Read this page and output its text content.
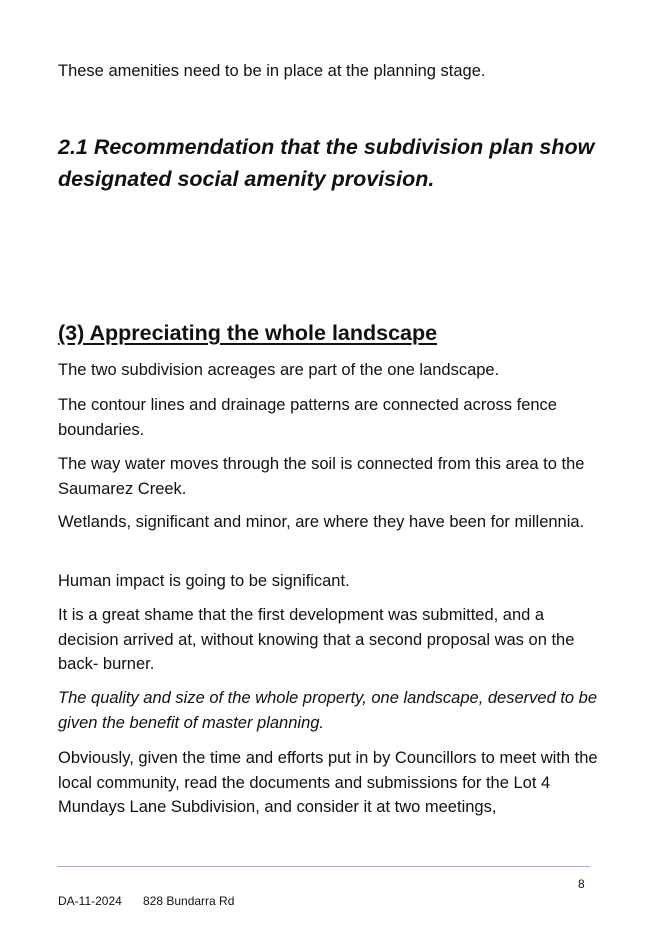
These amenities need to be in place at the planning stage.

2.1 Recommendation that the subdivision plan show designated social amenity provision.
(3) Appreciating the whole landscape

The two subdivision acreages are part of the one landscape.

The contour lines and drainage patterns are connected across fence boundaries.

The way water moves through the soil is connected from this area to the Saumarez Creek.

Wetlands, significant and minor, are where they have been for millennia.

Human impact is going to be significant.

It is a great shame that the first development was submitted, and a decision arrived at, without knowing that a second proposal was on the back- burner.

The quality and size of the whole property, one landscape, deserved to be given the benefit of master planning.

Obviously, given the time and efforts put in by Councillors to meet with the local community, read the documents and submissions for the Lot 4 Mundays Lane Subdivision, and consider it at two meetings,

8
DA-11-2024 828 Bundarra Rd
